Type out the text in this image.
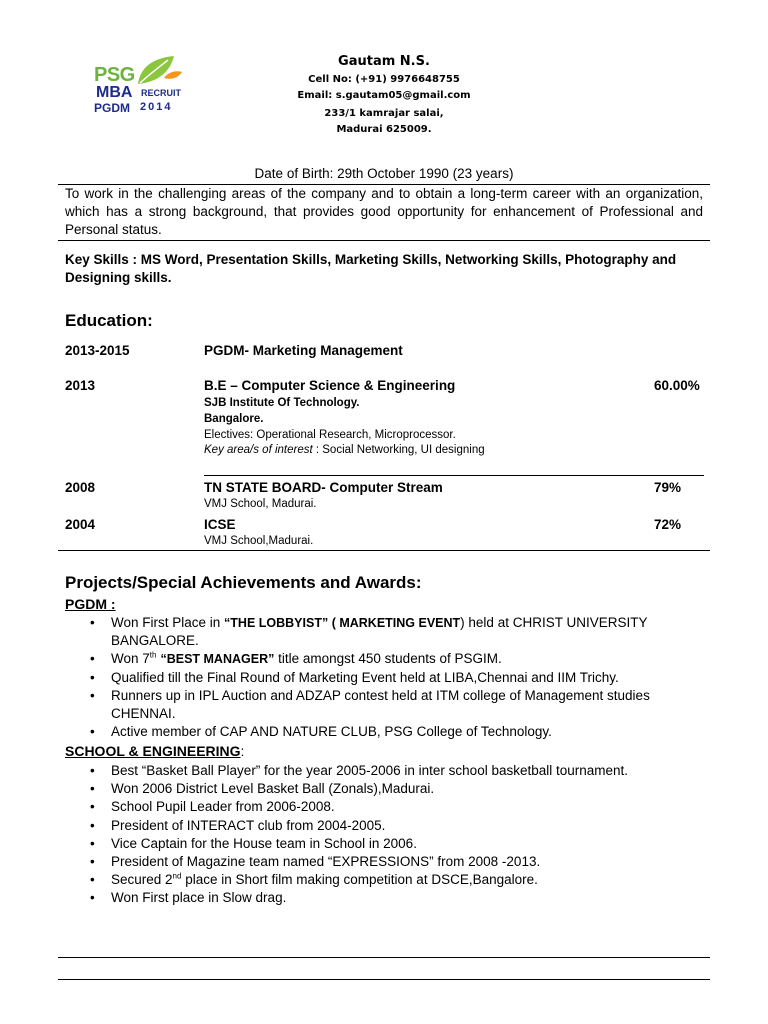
PSG
MBA RECRUIT
PGDM 2014
Gautam N.S.
Cell No: (+91) 9976648755
Email: s.gautam05@gmail.com
233/1 kamrajar salai,
Madurai 625009.
Date of Birth: 29th October 1990 (23 years)
To work in the challenging areas of the company and to obtain a long-term career with an organization, which has a strong background, that provides good opportunity for enhancement of Professional and Personal status.
Key Skills : MS Word, Presentation Skills, Marketing Skills, Networking Skills, Photography and Designing skills.
Education:
2013-2015	PGDM- Marketing Management
2013	B.E – Computer Science & Engineering	60.00%
SJB Institute Of Technology.
Bangalore.
Electives: Operational Research, Microprocessor.
Key area/s of interest : Social Networking, UI designing
2008	TN STATE BOARD- Computer Stream	79%
VMJ School, Madurai.
2004	ICSE	72%
VMJ School,Madurai.
Projects/Special Achievements and Awards:
PGDM :
• Won First Place in “THE LOBBYIST” ( MARKETING EVENT) held at CHRIST UNIVERSITY BANGALORE.
• Won 7th “BEST MANAGER” title amongst 450 students of PSGIM.
• Qualified till the Final Round of Marketing Event held at LIBA,Chennai and IIM Trichy.
• Runners up in IPL Auction and ADZAP contest held at ITM college of Management studies CHENNAI.
• Active member of CAP AND NATURE CLUB, PSG College of Technology.
SCHOOL & ENGINEERING:
• Best “Basket Ball Player” for the year 2005-2006 in inter school basketball tournament.
• Won 2006 District Level Basket Ball (Zonals),Madurai.
• School Pupil Leader from 2006-2008.
• President of INTERACT club from 2004-2005.
• Vice Captain for the House team in School in 2006.
• President of Magazine team named “EXPRESSIONS” from 2008 -2013.
• Secured 2nd place in Short film making competition at DSCE,Bangalore.
• Won First place in Slow drag.
